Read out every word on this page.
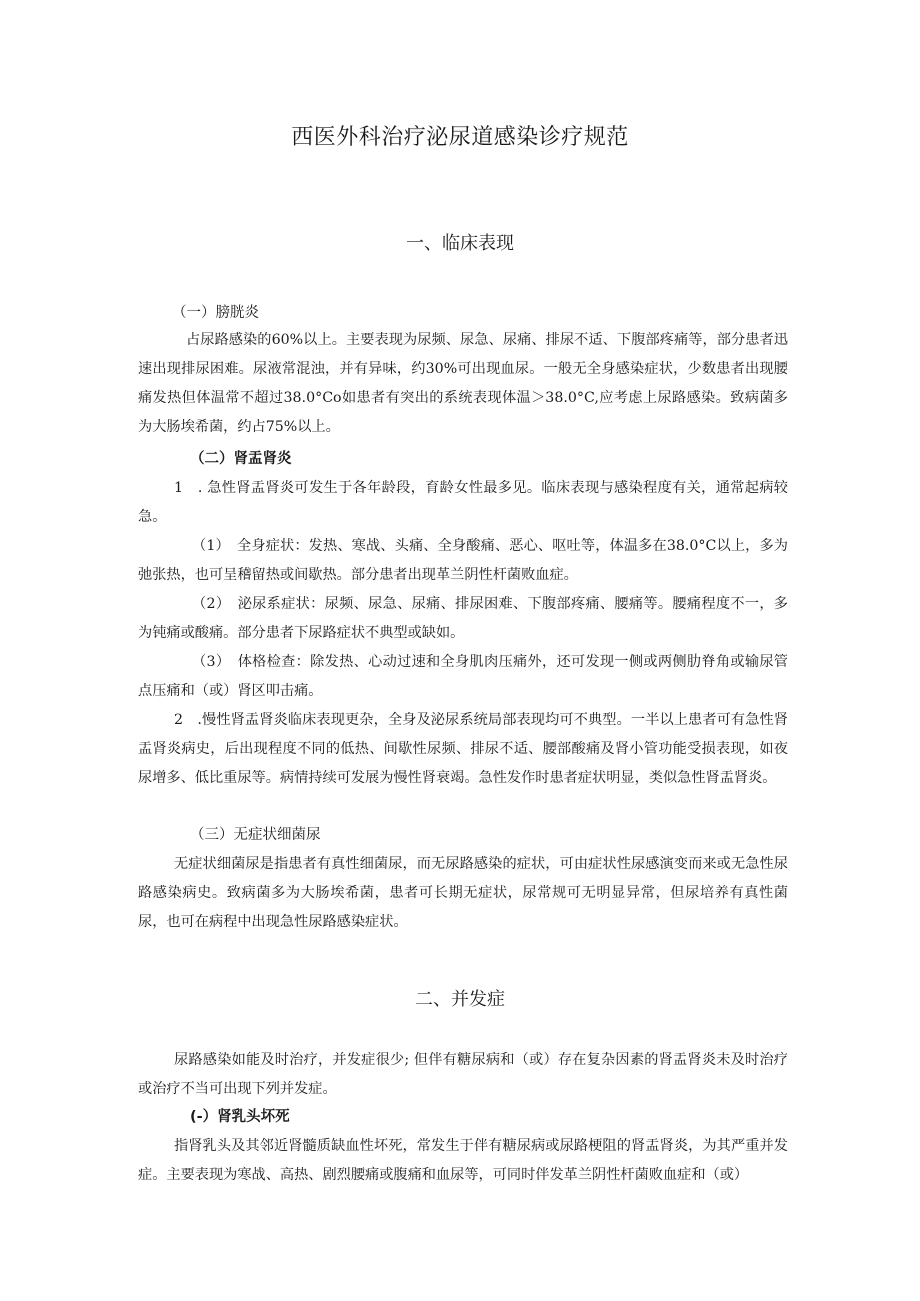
西医外科治疗泌尿道感染诊疗规范
一、临床表现
（一）膀胱炎

占尿路感染的60%以上。主要表现为尿频、尿急、尿痛、排尿不适、下腹部疼痛等，部分患者迅速出现排尿困难。尿液常混浊，并有异味，约30%可出现血尿。一般无全身感染症状，少数患者出现腰痛发热但体温常不超过38.0°Co如患者有突出的系统表现体温＞38.0°C,应考虑上尿路感染。致病菌多为大肠埃希菌，约占75%以上。

（二）肾盂肾炎

1　. 急性肾盂肾炎可发生于各年龄段，育龄女性最多见。临床表现与感染程度有关，通常起病较急。

（1）　全身症状：发热、寒战、头痛、全身酸痛、恶心、呕吐等，体温多在38.0°C以上，多为弛张热，也可呈稽留热或间歇热。部分患者出现革兰阴性杆菌败血症。

（2）　泌尿系症状：尿频、尿急、尿痛、排尿困难、下腹部疼痛、腰痛等。腰痛程度不一，多为钝痛或酸痛。部分患者下尿路症状不典型或缺如。

（3）　体格检查：除发热、心动过速和全身肌肉压痛外，还可发现一侧或两侧肋脊角或输尿管点压痛和（或）肾区叩击痛。

2　.慢性肾盂肾炎临床表现更杂，全身及泌尿系统局部表现均可不典型。一半以上患者可有急性肾盂肾炎病史，后出现程度不同的低热、间歇性尿频、排尿不适、腰部酸痛及肾小管功能受损表现，如夜尿增多、低比重尿等。病情持续可发展为慢性肾衰竭。急性发作时患者症状明显，类似急性肾盂肾炎。

（三）无症状细菌尿

无症状细菌尿是指患者有真性细菌尿，而无尿路感染的症状，可由症状性尿感演变而来或无急性尿路感染病史。致病菌多为大肠埃希菌，患者可长期无症状，尿常规可无明显异常，但尿培养有真性菌尿，也可在病程中出现急性尿路感染症状。

二、并发症

尿路感染如能及时治疗，并发症很少; 但伴有糖尿病和（或）存在复杂因素的肾盂肾炎未及时治疗或治疗不当可出现下列并发症。

(-）肾乳头坏死

指肾乳头及其邻近肾髓质缺血性坏死，常发生于伴有糖尿病或尿路梗阻的肾盂肾炎，为其严重并发症。主要表现为寒战、高热、剧烈腰痛或腹痛和血尿等，可同时伴发革兰阴性杆菌败血症和（或）
